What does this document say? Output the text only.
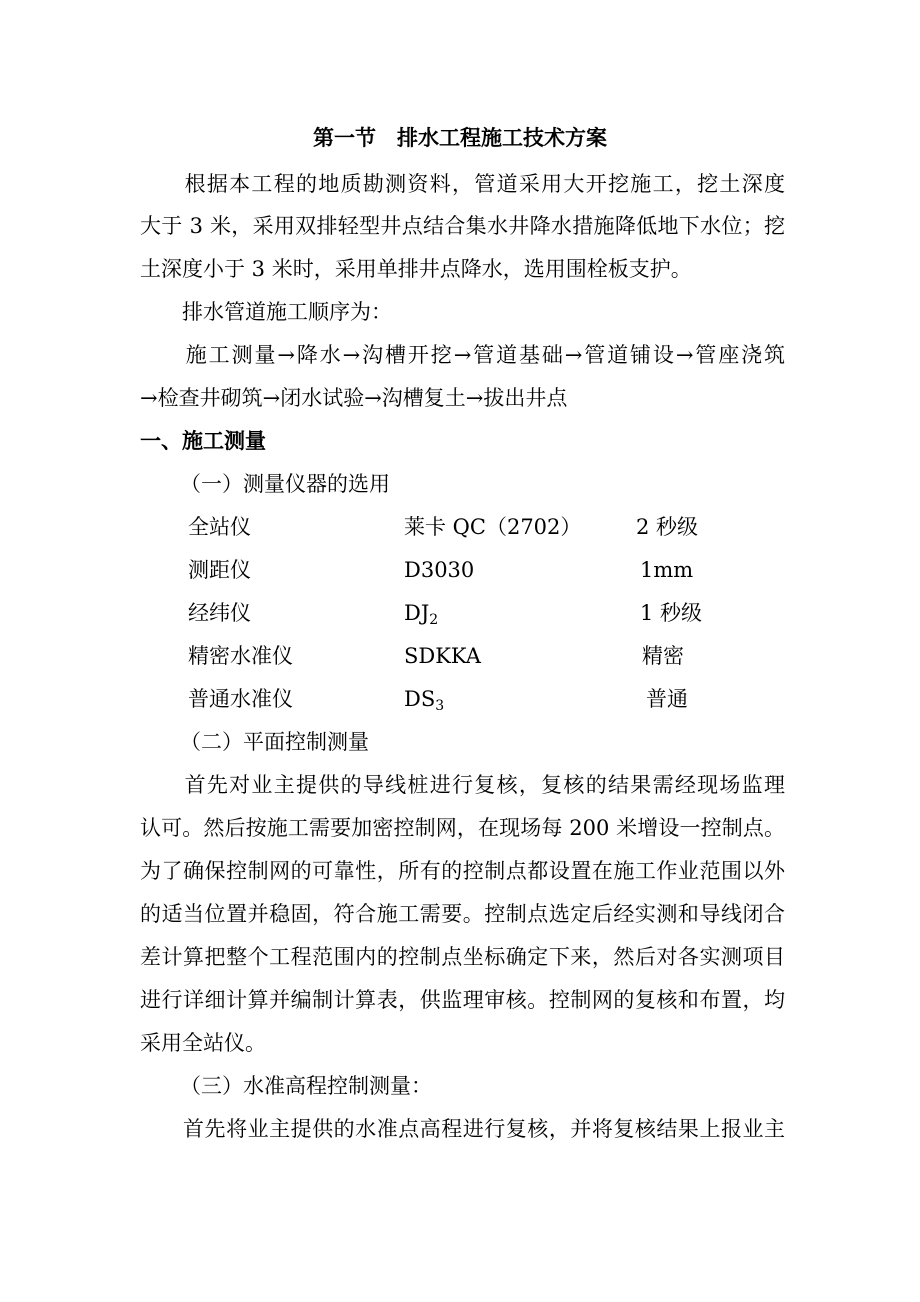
第一节　排水工程施工技术方案
　　根据本工程的地质勘测资料，管道采用大开挖施工，挖土深度
大于 3 米，采用双排轻型井点结合集水井降水措施降低地下水位；挖
土深度小于 3 米时，采用单排井点降水，选用围栓板支护。
　　排水管道施工顺序为：
　　施工测量→降水→沟槽开挖→管道基础→管道铺设→管座浇筑
→检查井砌筑→闭水试验→沟槽复土→拔出井点
一、施工测量
（一）测量仪器的选用
全站仪	莱卡 QC（2702）	2 秒级
测距仪	D3030	1mm
经纬仪	$DJ_2$	1 秒级
精密水准仪	SDKKA	精密
普通水准仪	$DS_3$	普通
（二）平面控制测量
　　首先对业主提供的导线桩进行复核，复核的结果需经现场监理
认可。然后按施工需要加密控制网，在现场每 200 米增设一控制点。
为了确保控制网的可靠性，所有的控制点都设置在施工作业范围以外
的适当位置并稳固，符合施工需要。控制点选定后经实测和导线闭合
差计算把整个工程范围内的控制点坐标确定下来，然后对各实测项目
进行详细计算并编制计算表，供监理审核。控制网的复核和布置，均
采用全站仪。
（三）水准高程控制测量：
　　首先将业主提供的水准点高程进行复核，并将复核结果上报业主
